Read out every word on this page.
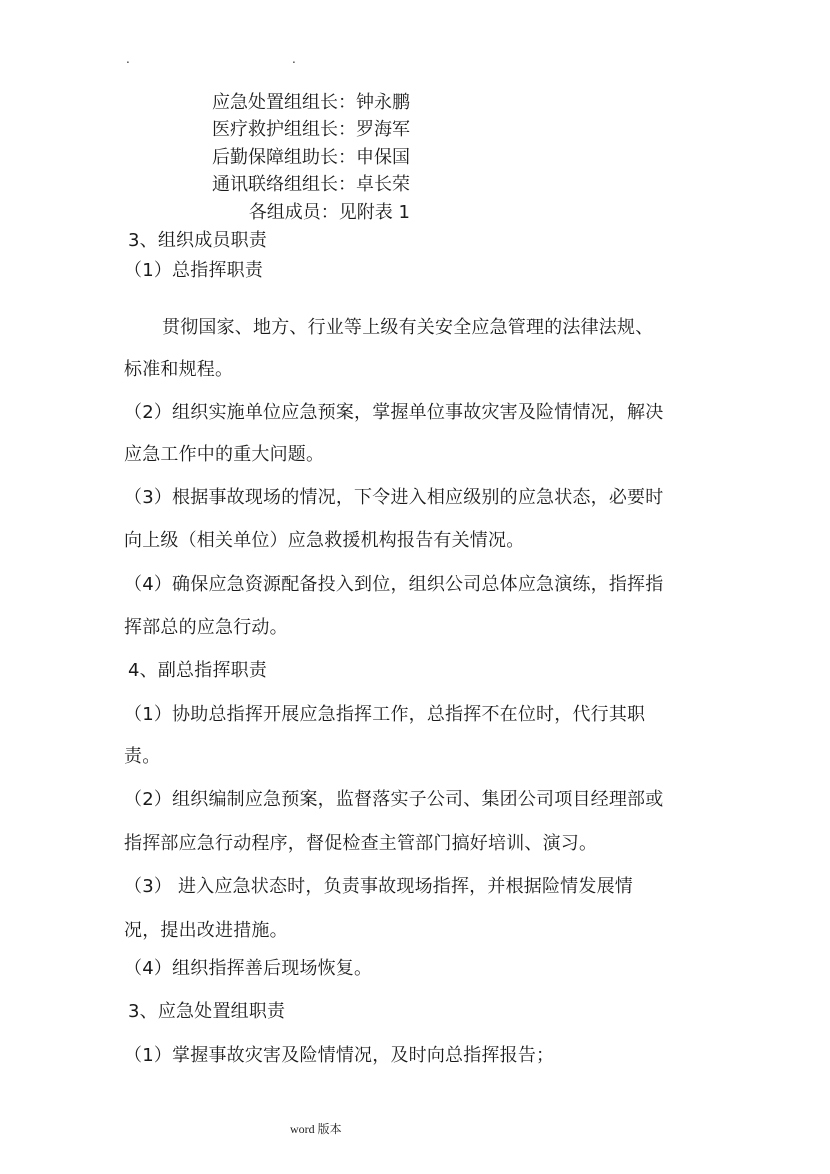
.	.
应急处置组组长：钟永鹏
医疗救护组组长：罗海军
后勤保障组助长：申保国
通讯联络组组长：卓长荣
各组成员：见附表 1
3、组织成员职责
（1）总指挥职责
贯彻国家、地方、行业等上级有关安全应急管理的法律法规、
标准和规程。
（2）组织实施单位应急预案，掌握单位事故灾害及险情情况，解决
应急工作中的重大问题。
（3）根据事故现场的情况，下令进入相应级别的应急状态，必要时
向上级（相关单位）应急救援机构报告有关情况。
（4）确保应急资源配备投入到位，组织公司总体应急演练，指挥指
挥部总的应急行动。
4、副总指挥职责
（1）协助总指挥开展应急指挥工作，总指挥不在位时，代行其职
责。
（2）组织编制应急预案，监督落实子公司、集团公司项目经理部或
指挥部应急行动程序，督促检查主管部门搞好培训、演习。
（3） 进入应急状态时，负责事故现场指挥，并根据险情发展情
况，提出改进措施。
（4）组织指挥善后现场恢复。
3、应急处置组职责
（1）掌握事故灾害及险情情况，及时向总指挥报告；
word 版本
